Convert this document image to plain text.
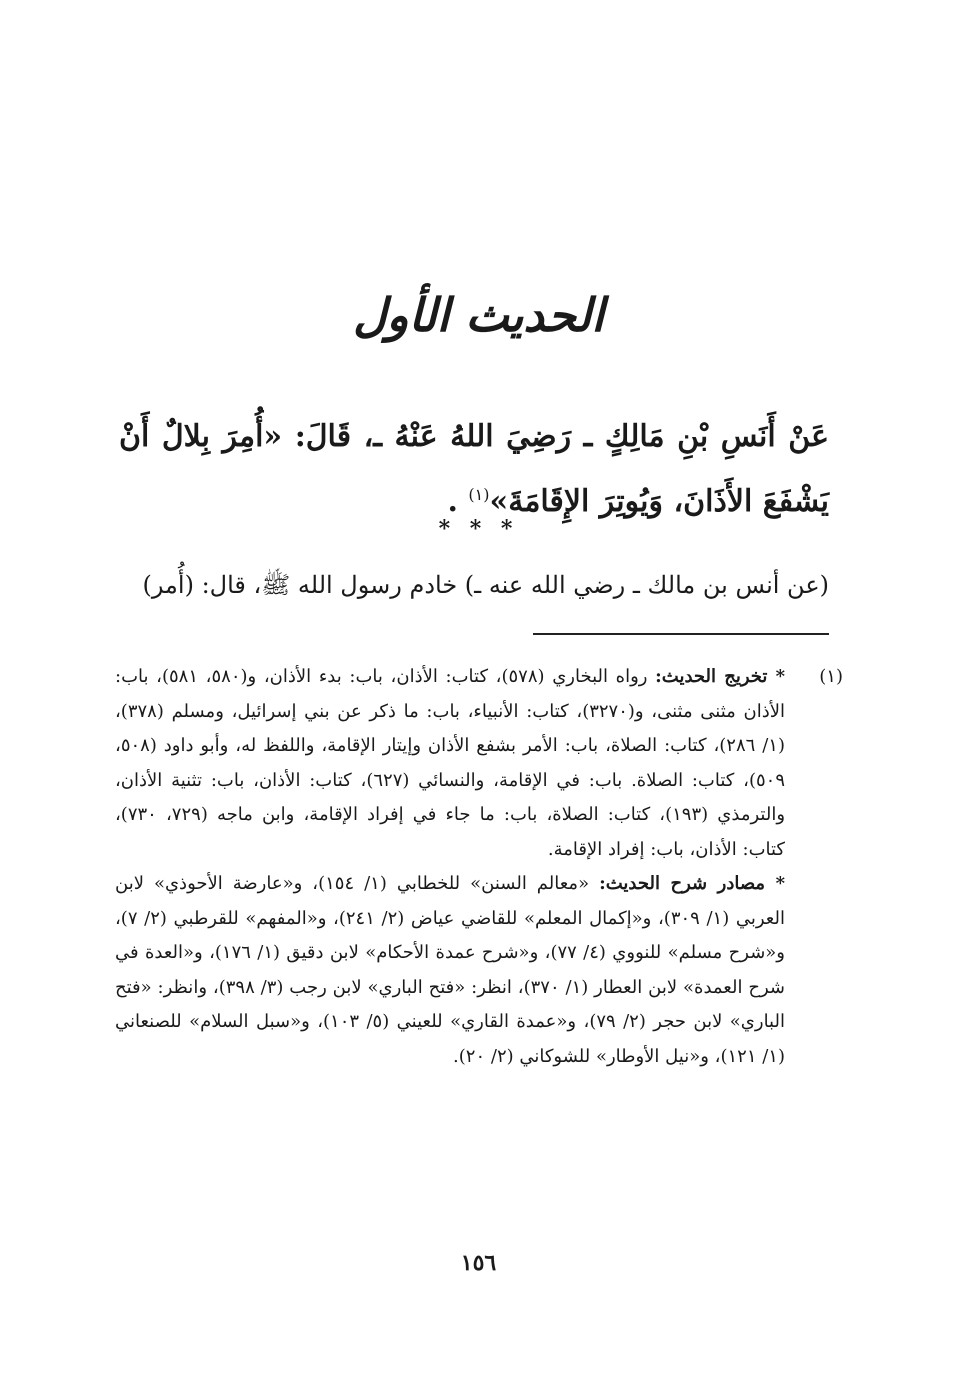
الحديث الأول

عَنْ أَنَسِ بْنِ مَالِكٍ ـ رَضِيَ اللهُ عَنْهُ ـ، قَالَ: «أُمِرَ بِلالٌ أَنْ يَشْفَعَ الأَذَانَ، وَيُوتِرَ الإِقَامَةَ»$^{(١)}$ .

* * *

(عن أنس بن مالك ـ رضي الله عنه ـ) خادم رسول الله ﷺ، قال: (أُمر)

(١)
* تخريج الحديث: رواه البخاري (٥٧٨)، كتاب: الأذان، باب: بدء الأذان، و(٥٨٠، ٥٨١)، باب: الأذان مثنى مثنى، و(٣٢٧٠)، كتاب: الأنبياء، باب: ما ذكر عن بني إسرائيل، ومسلم (٣٧٨)، (١/ ٢٨٦)، كتاب: الصلاة، باب: الأمر بشفع الأذان وإيتار الإقامة، واللفظ له، وأبو داود (٥٠٨، ٥٠٩)، كتاب: الصلاة. باب: في الإقامة، والنسائي (٦٢٧)، كتاب: الأذان، باب: تثنية الأذان، والترمذي (١٩٣)، كتاب: الصلاة، باب: ما جاء في إفراد الإقامة، وابن ماجه (٧٢٩، ٧٣٠)، كتاب: الأذان، باب: إفراد الإقامة.

* مصادر شرح الحديث: «معالم السنن» للخطابي (١/ ١٥٤)، و«عارضة الأحوذي» لابن العربي (١/ ٣٠٩)، و«إكمال المعلم» للقاضي عياض (٢/ ٢٤١)، و«المفهم» للقرطبي (٢/ ٧)، و«شرح مسلم» للنووي (٤/ ٧٧)، و«شرح عمدة الأحكام» لابن دقيق (١/ ١٧٦)، و«العدة في شرح العمدة» لابن العطار (١/ ٣٧٠)، انظر: «فتح الباري» لابن رجب (٣/ ٣٩٨)، وانظر: «فتح الباري» لابن حجر (٢/ ٧٩)، و«عمدة القاري» للعيني (٥/ ١٠٣)، و«سبل السلام» للصنعاني (١/ ١٢١)، و«نيل الأوطار» للشوكاني (٢/ ٢٠).

١٥٦
